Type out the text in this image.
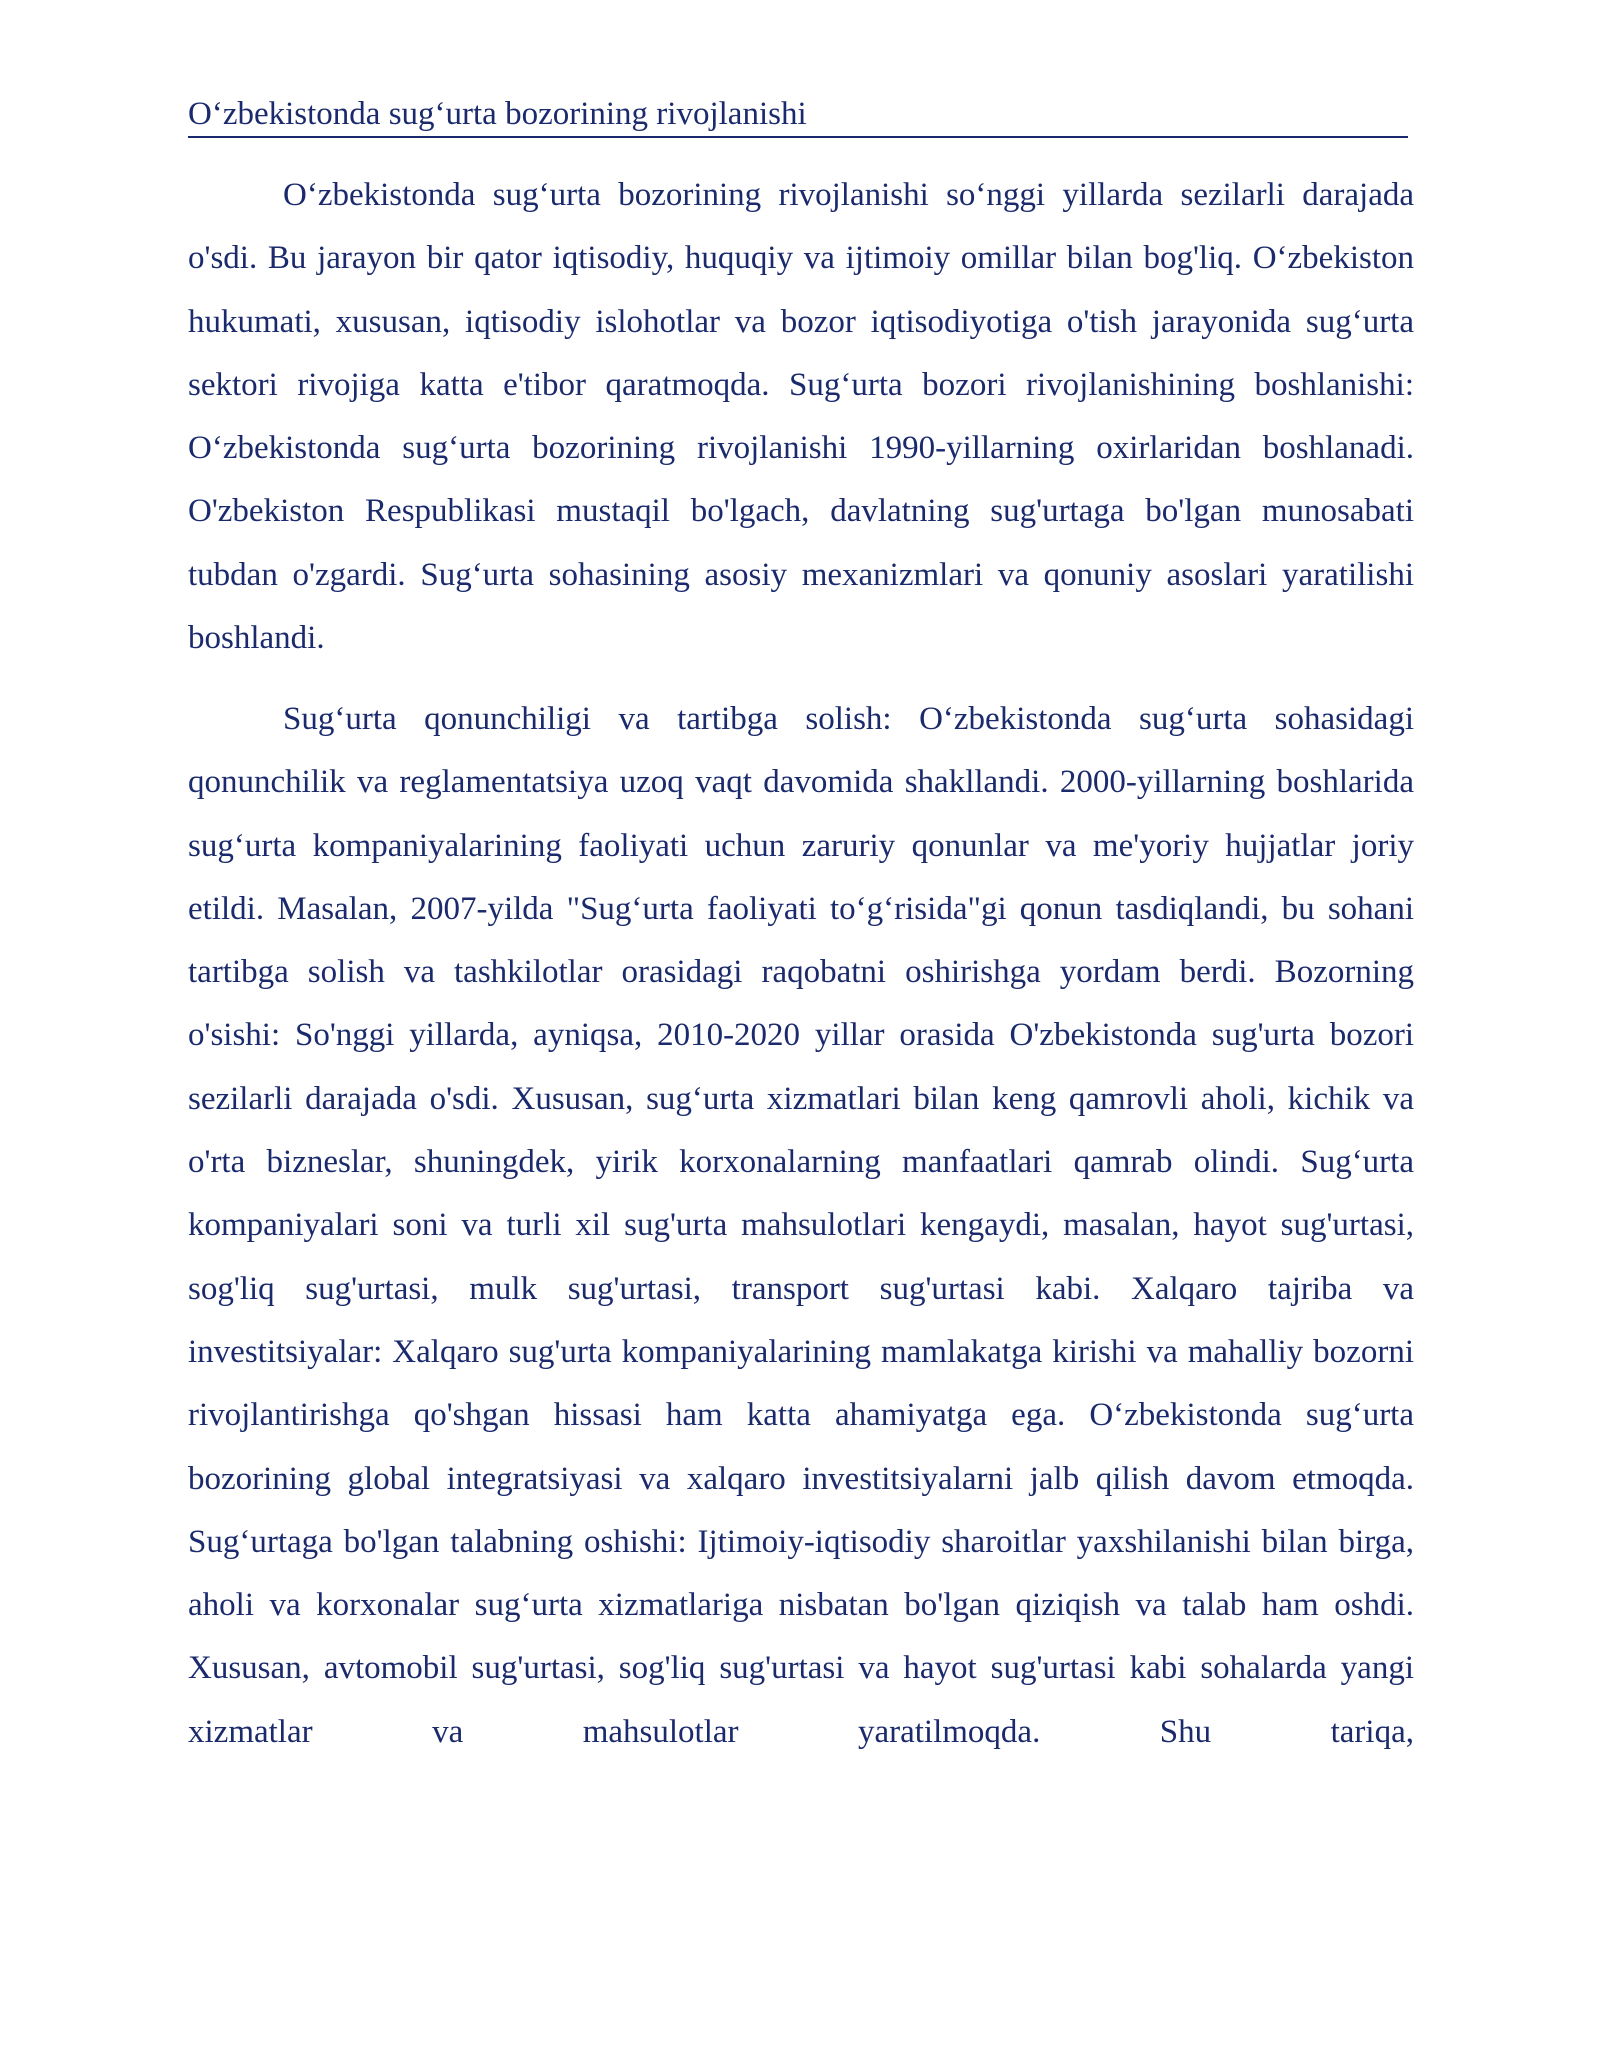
O‘zbekistonda sug‘urta bozorining rivojlanishi

O‘zbekistonda sug‘urta bozorining rivojlanishi so‘nggi yillarda sezilarli darajada o'sdi. Bu jarayon bir qator iqtisodiy, huquqiy va ijtimoiy omillar bilan bog'liq. O‘zbekiston hukumati, xususan, iqtisodiy islohotlar va bozor iqtisodiyotiga o'tish jarayonida sug‘urta sektori rivojiga katta e'tibor qaratmoqda. Sug‘urta bozori rivojlanishining boshlanishi: O‘zbekistonda sug‘urta bozorining rivojlanishi 1990-yillarning oxirlaridan boshlanadi. O'zbekiston Respublikasi mustaqil bo'lgach, davlatning sug'urtaga bo'lgan munosabati tubdan o'zgardi. Sug‘urta sohasining asosiy mexanizmlari va qonuniy asoslari yaratilishi boshlandi.

Sug‘urta qonunchiligi va tartibga solish: O‘zbekistonda sug‘urta sohasidagi qonunchilik va reglamentatsiya uzoq vaqt davomida shakllandi. 2000-yillarning boshlarida sug‘urta kompaniyalarining faoliyati uchun zaruriy qonunlar va me'yoriy hujjatlar joriy etildi. Masalan, 2007-yilda "Sug‘urta faoliyati to‘g‘risida"gi qonun tasdiqlandi, bu sohani tartibga solish va tashkilotlar orasidagi raqobatni oshirishga yordam berdi. Bozorning o'sishi: So'nggi yillarda, ayniqsa, 2010-2020 yillar orasida O'zbekistonda sug'urta bozori sezilarli darajada o'sdi. Xususan, sug‘urta xizmatlari bilan keng qamrovli aholi, kichik va o'rta bizneslar, shuningdek, yirik korxonalarning manfaatlari qamrab olindi. Sug‘urta kompaniyalari soni va turli xil sug'urta mahsulotlari kengaydi, masalan, hayot sug'urtasi, sog'liq sug'urtasi, mulk sug'urtasi, transport sug'urtasi kabi. Xalqaro tajriba va investitsiyalar: Xalqaro sug'urta kompaniyalarining mamlakatga kirishi va mahalliy bozorni rivojlantirishga qo'shgan hissasi ham katta ahamiyatga ega. O‘zbekistonda sug‘urta bozorining global integratsiyasi va xalqaro investitsiyalarni jalb qilish davom etmoqda. Sug‘urtaga bo'lgan talabning oshishi: Ijtimoiy-iqtisodiy sharoitlar yaxshilanishi bilan birga, aholi va korxonalar sug‘urta xizmatlariga nisbatan bo'lgan qiziqish va talab ham oshdi. Xususan, avtomobil sug'urtasi, sog'liq sug'urtasi va hayot sug'urtasi kabi sohalarda yangi xizmatlar va mahsulotlar yaratilmoqda. Shu tariqa,
